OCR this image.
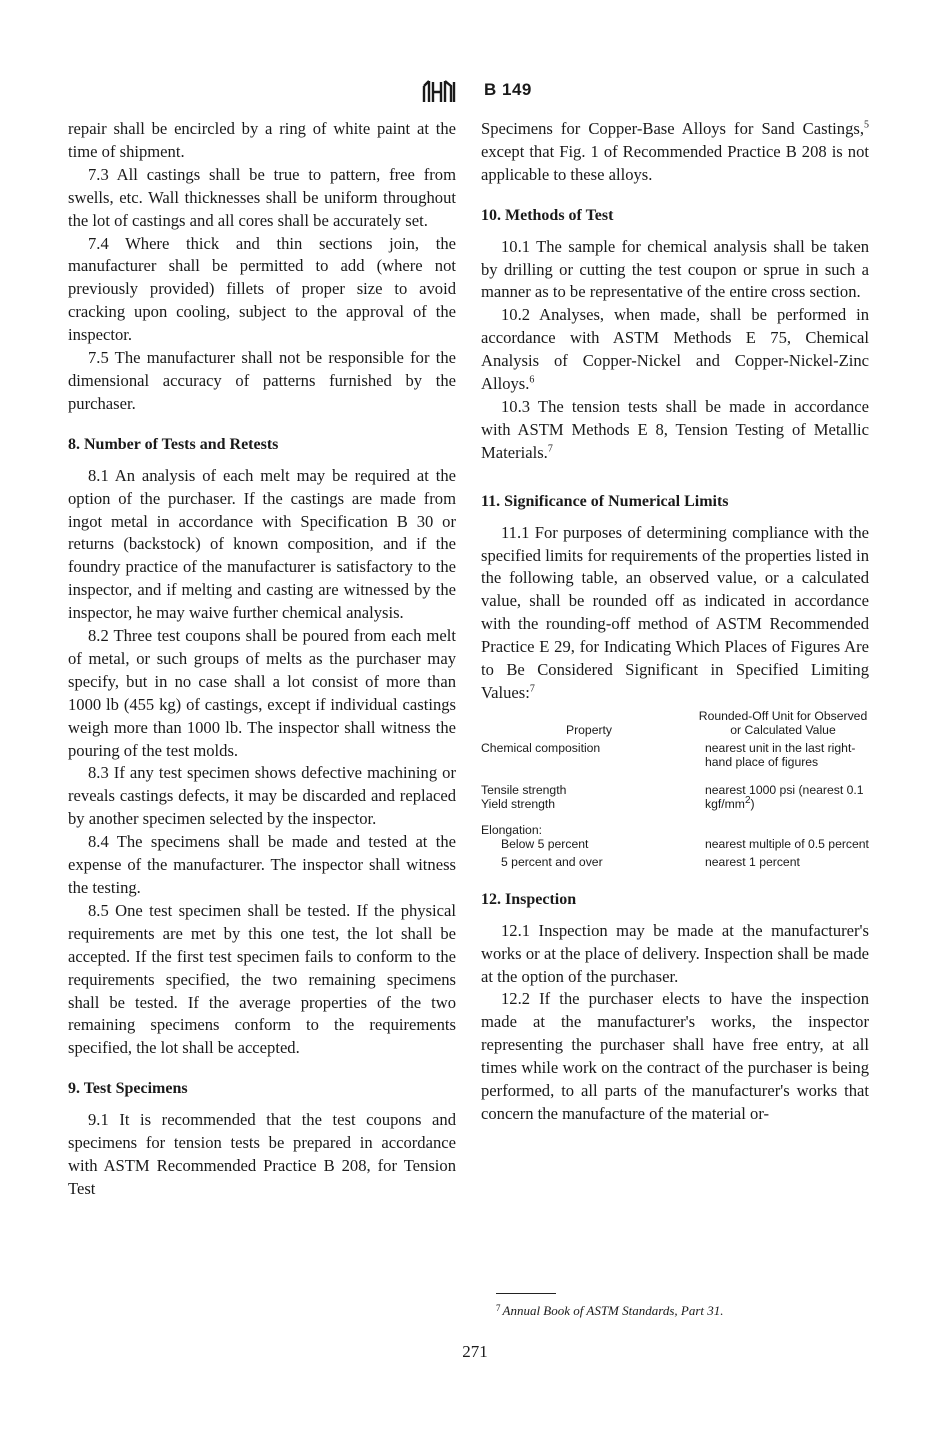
B 149

repair shall be encircled by a ring of white paint at the time of shipment.

7.3 All castings shall be true to pattern, free from swells, etc. Wall thicknesses shall be uniform throughout the lot of castings and all cores shall be accurately set.

7.4 Where thick and thin sections join, the manufacturer shall be permitted to add (where not previously provided) fillets of proper size to avoid cracking upon cooling, subject to the approval of the inspector.

7.5 The manufacturer shall not be responsible for the dimensional accuracy of patterns furnished by the purchaser.

8. Number of Tests and Retests

8.1 An analysis of each melt may be required at the option of the purchaser. If the castings are made from ingot metal in accordance with Specification B 30 or returns (backstock) of known composition, and if the foundry practice of the manufacturer is satisfactory to the inspector, and if melting and casting are witnessed by the inspector, he may waive further chemical analysis.

8.2 Three test coupons shall be poured from each melt of metal, or such groups of melts as the purchaser may specify, but in no case shall a lot consist of more than 1000 lb (455 kg) of castings, except if individual castings weigh more than 1000 lb. The inspector shall witness the pouring of the test molds.

8.3 If any test specimen shows defective machining or reveals castings defects, it may be discarded and replaced by another specimen selected by the inspector.

8.4 The specimens shall be made and tested at the expense of the manufacturer. The inspector shall witness the testing.

8.5 One test specimen shall be tested. If the physical requirements are met by this one test, the lot shall be accepted. If the first test specimen fails to conform to the requirements specified, the two remaining specimens shall be tested. If the average properties of the two remaining specimens conform to the requirements specified, the lot shall be accepted.

9. Test Specimens

9.1 It is recommended that the test coupons and specimens for tension tests be prepared in accordance with ASTM Recommended Practice B 208, for Tension Test

Specimens for Copper-Base Alloys for Sand Castings,$^5$ except that Fig. 1 of Recommended Practice B 208 is not applicable to these alloys.

10. Methods of Test

10.1 The sample for chemical analysis shall be taken by drilling or cutting the test coupon or sprue in such a manner as to be representative of the entire cross section.

10.2 Analyses, when made, shall be performed in accordance with ASTM Methods E 75, Chemical Analysis of Copper-Nickel and Copper-Nickel-Zinc Alloys.$^6$

10.3 The tension tests shall be made in accordance with ASTM Methods E 8, Tension Testing of Metallic Materials.$^7$

11. Significance of Numerical Limits

11.1 For purposes of determining compliance with the specified limits for requirements of the properties listed in the following table, an observed value, or a calculated value, shall be rounded off as indicated in accordance with the rounding-off method of ASTM Recommended Practice E 29, for Indicating Which Places of Figures Are to Be Considered Significant in Specified Limiting Values:$^7$

Property	Rounded-Off Unit for Observed or Calculated Value
Chemical composition	nearest unit in the last right-hand place of figures
Tensile strength	nearest 1000 psi (nearest 0.1 kgf/$mm^2$)
Yield strength	
Elongation:	
Below 5 percent	nearest multiple of 0.5 percent
5 percent and over	nearest 1 percent
12. Inspection

12.1 Inspection may be made at the manufacturer's works or at the place of delivery. Inspection shall be made at the option of the purchaser.

12.2 If the purchaser elects to have the inspection made at the manufacturer's works, the inspector representing the purchaser shall have free entry, at all times while work on the contract of the purchaser is being performed, to all parts of the manufacturer's works that concern the manufacture of the material or-

$^7$ Annual Book of ASTM Standards, Part 31.
271
